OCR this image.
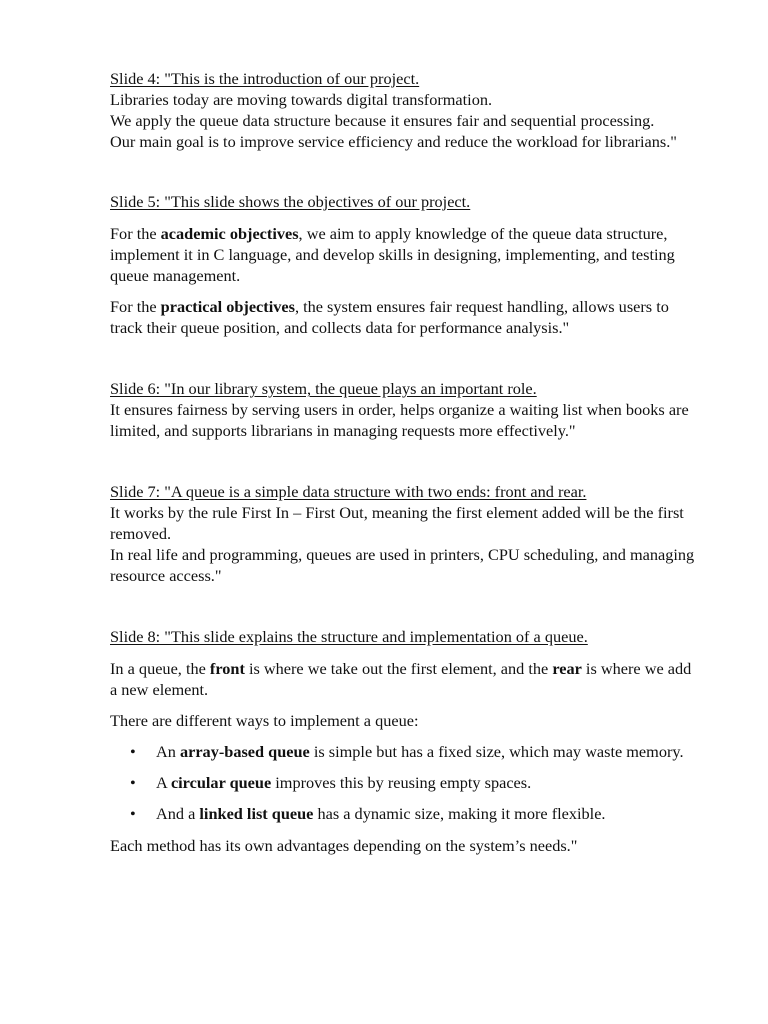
Slide 4: "This is the introduction of our project.
Libraries today are moving towards digital transformation.
We apply the queue data structure because it ensures fair and sequential processing.
Our main goal is to improve service efficiency and reduce the workload for librarians."
Slide 5: "This slide shows the objectives of our project.

For the academic objectives, we aim to apply knowledge of the queue data structure, implement it in C language, and develop skills in designing, implementing, and testing queue management.

For the practical objectives, the system ensures fair request handling, allows users to track their queue position, and collects data for performance analysis."

Slide 6: "In our library system, the queue plays an important role.
It ensures fairness by serving users in order, helps organize a waiting list when books are limited, and supports librarians in managing requests more effectively."
Slide 7: "A queue is a simple data structure with two ends: front and rear.
It works by the rule First In – First Out, meaning the first element added will be the first removed.
In real life and programming, queues are used in printers, CPU scheduling, and managing resource access."
Slide 8: "This slide explains the structure and implementation of a queue.

In a queue, the front is where we take out the first element, and the rear is where we add a new element.

There are different ways to implement a queue:

• An array-based queue is simple but has a fixed size, which may waste memory.
• A circular queue improves this by reusing empty spaces.
• And a linked list queue has a dynamic size, making it more flexible.

Each method has its own advantages depending on the system’s needs."
